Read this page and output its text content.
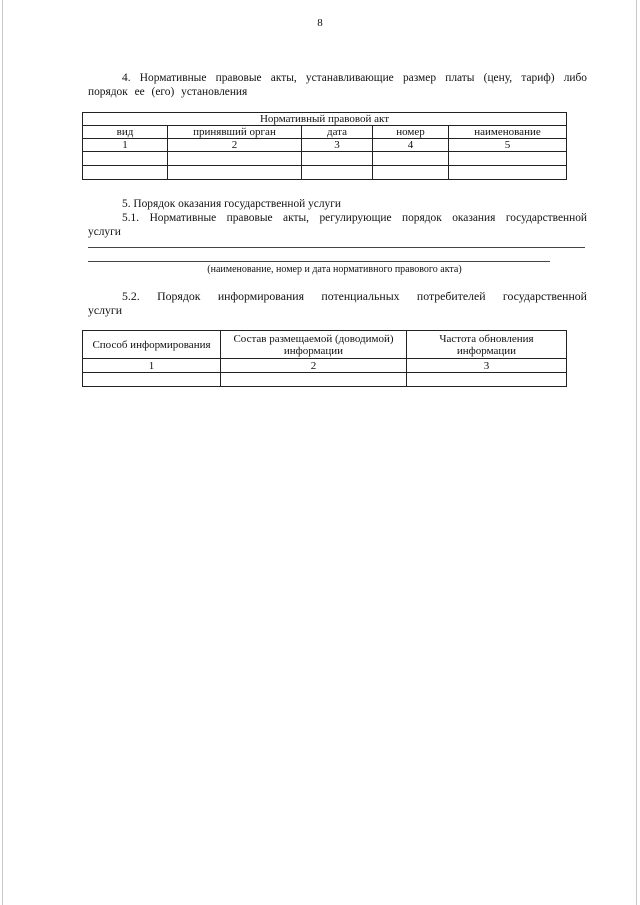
8
4. Нормативные правовые акты, устанавливающие размер платы (цену, тариф) либо порядок ее (его) установления
Нормативный правовой акт				
вид	принявший орган	дата	номер	наименование
1	2	3	4	5

5. Порядок оказания государственной услуги
5.1. Нормативные правовые акты, регулирующие порядок оказания государственной услуги
(наименование, номер и дата нормативного правового акта)
5.2. Порядок информирования потенциальных потребителей государственной услуги
Способ информирования	Состав размещаемой (доводимой) информации	Частота обновления информации
1	2	3
